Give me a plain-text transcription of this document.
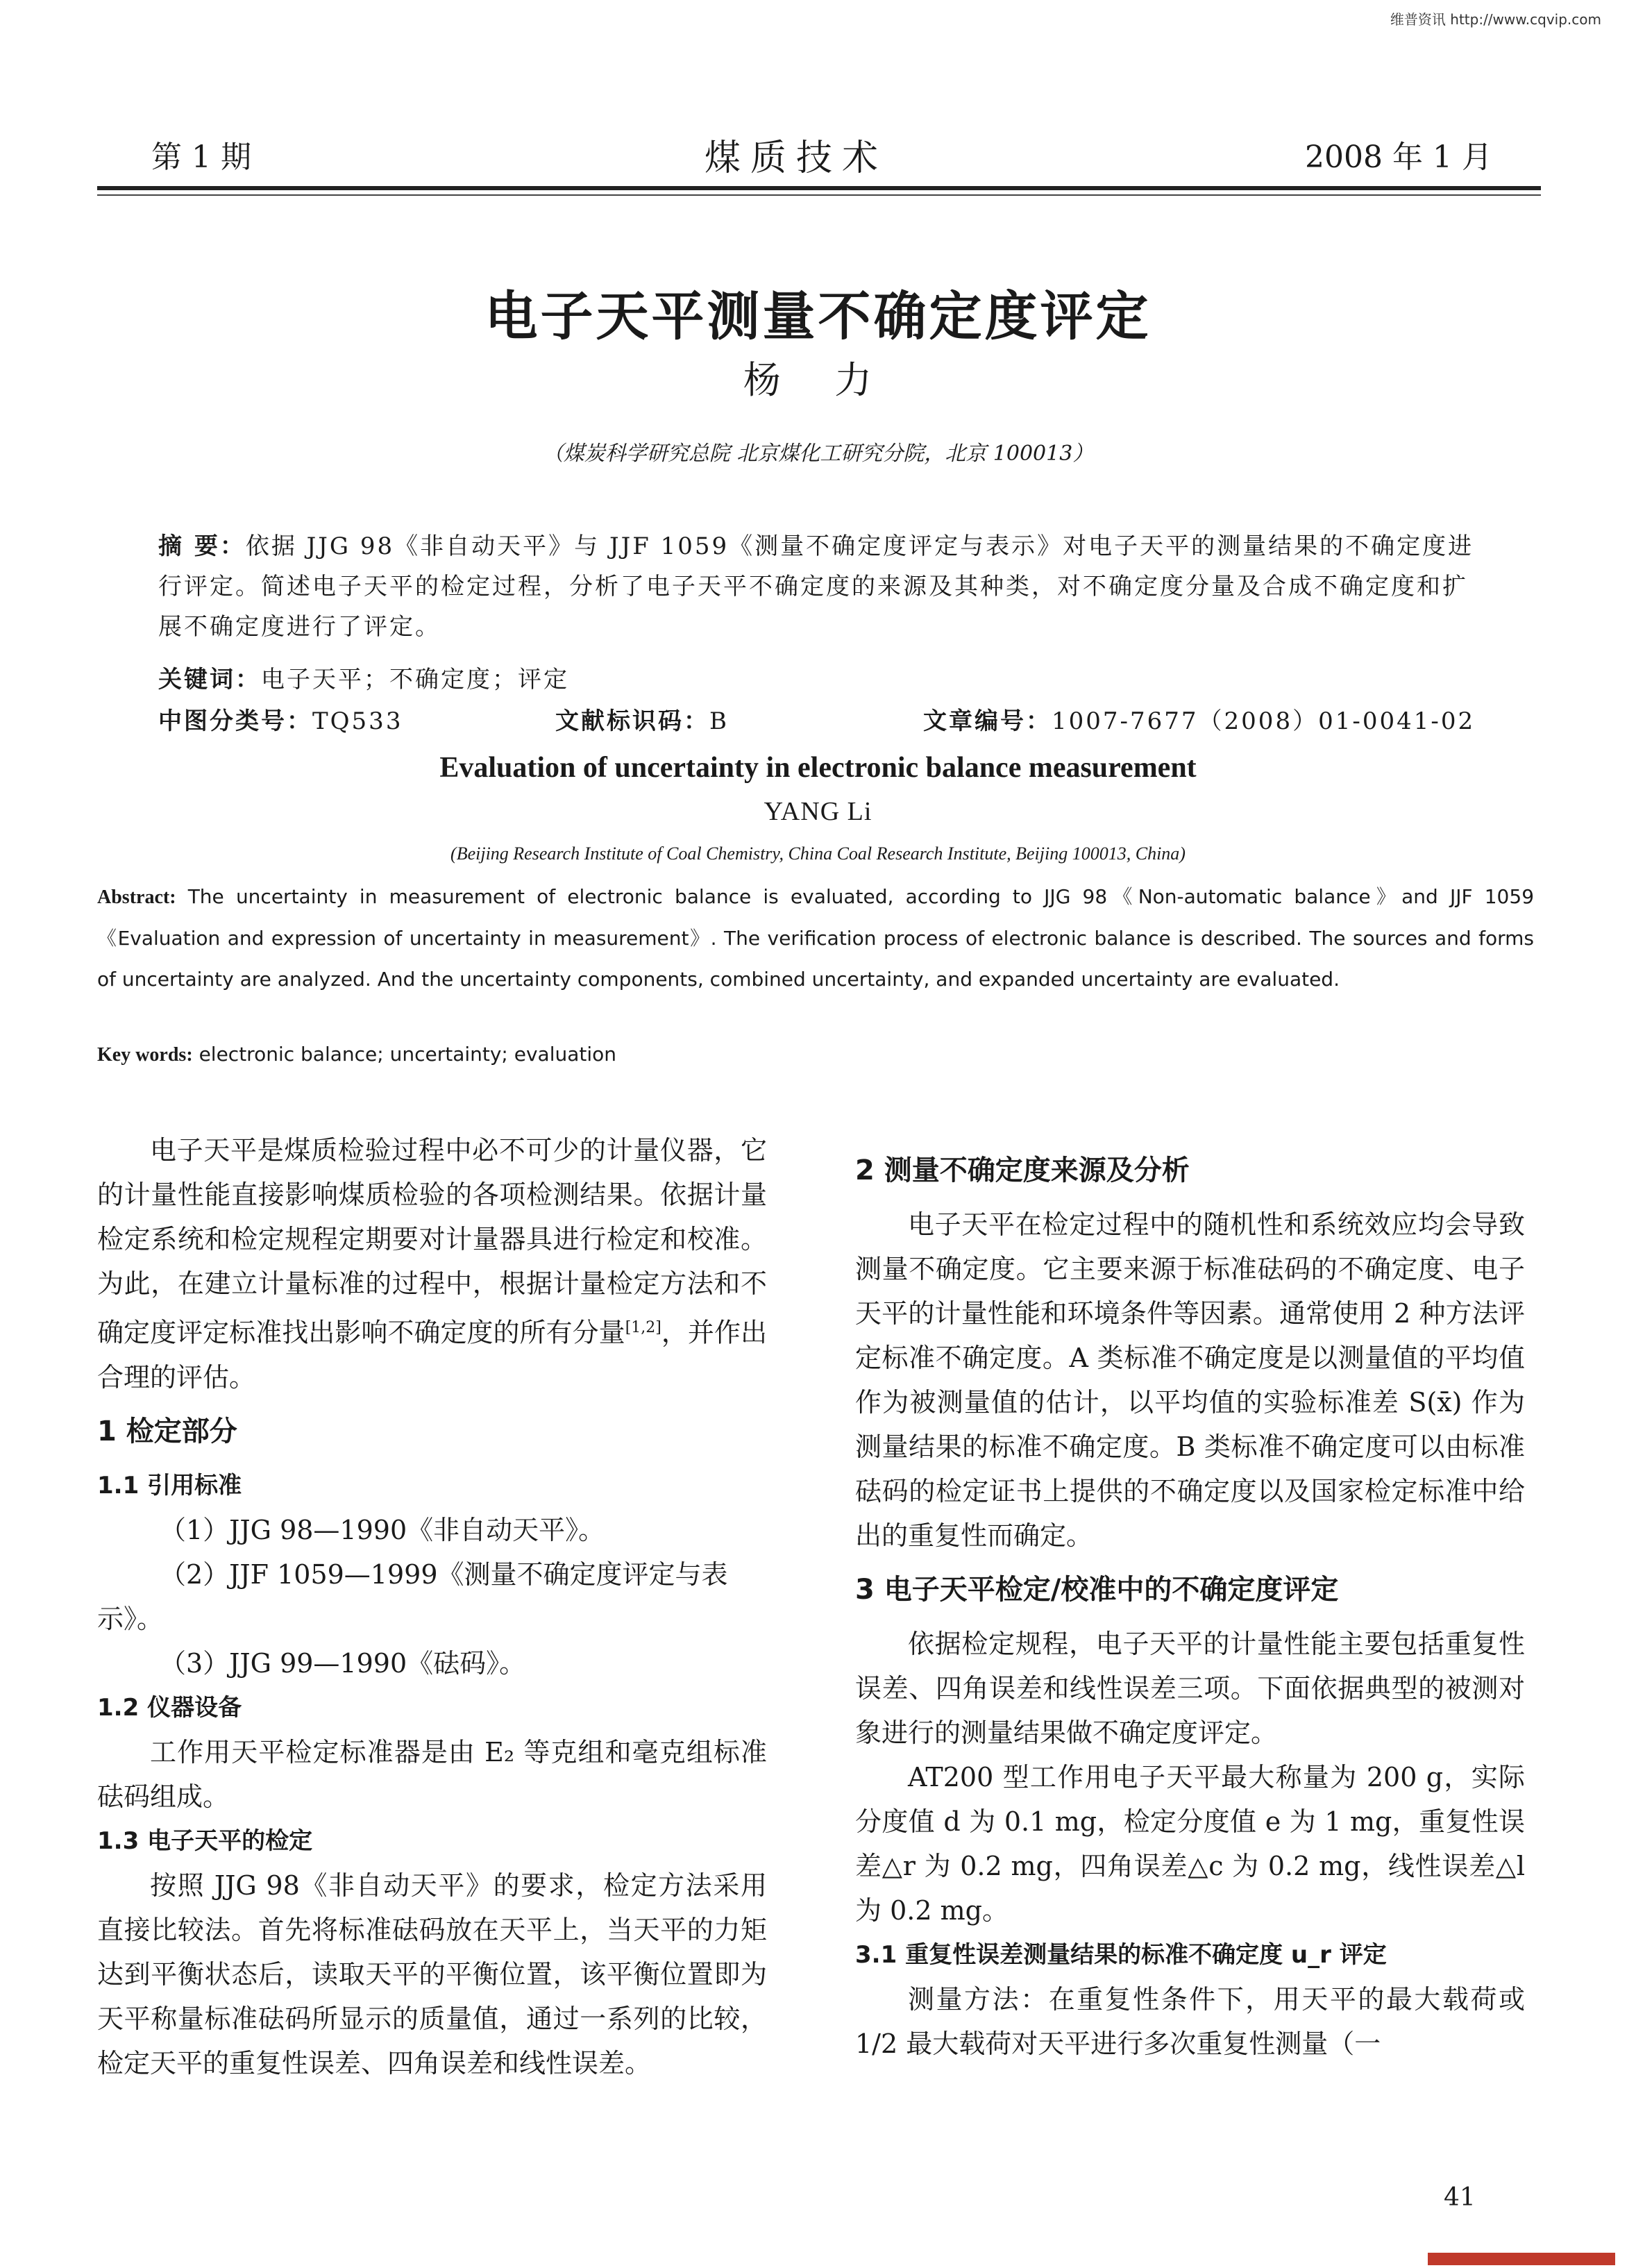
维普资讯 http://www.cqvip.com
第 1 期	煤质技术	2008 年 1 月
电子天平测量不确定度评定
杨 力
（煤炭科学研究总院 北京煤化工研究分院，北京 100013）
摘 要：依据 JJG 98《非自动天平》与 JJF 1059《测量不确定度评定与表示》对电子天平的测量结果的不确定度进行评定。简述电子天平的检定过程，分析了电子天平不确定度的来源及其种类，对不确定度分量及合成不确定度和扩展不确定度进行了评定。
关键词：电子天平；不确定度；评定
中图分类号：TQ533	文献标识码：B	文章编号：1007-7677（2008）01-0041-02
Evaluation of uncertainty in electronic balance measurement
YANG Li
(Beijing Research Institute of Coal Chemistry, China Coal Research Institute, Beijing 100013, China)
Abstract: The uncertainty in measurement of electronic balance is evaluated, according to JJG 98《Non-automatic balance》and JJF 1059《Evaluation and expression of uncertainty in measurement》. The verification process of electronic balance is described. The sources and forms of uncertainty are analyzed. And the uncertainty components, combined uncertainty, and expanded uncertainty are evaluated.
Key words: electronic balance; uncertainty; evaluation

电子天平是煤质检验过程中必不可少的计量仪器，它的计量性能直接影响煤质检验的各项检测结果。依据计量检定系统和检定规程定期要对计量器具进行检定和校准。为此，在建立计量标准的过程中，根据计量检定方法和不确定度评定标准找出影响不确定度的所有分量[1,2]，并作出合理的评估。

1 检定部分
1.1 引用标准

（1）JJG 98—1990《非自动天平》。

（2）JJF 1059—1999《测量不确定度评定与表

示》。

（3）JJG 99—1990《砝码》。

1.2 仪器设备

工作用天平检定标准器是由 E₂ 等克组和毫克组标准砝码组成。

1.3 电子天平的检定

按照 JJG 98《非自动天平》的要求，检定方法采用直接比较法。首先将标准砝码放在天平上，当天平的力矩达到平衡状态后，读取天平的平衡位置，该平衡位置即为天平称量标准砝码所显示的质量值，通过一系列的比较，检定天平的重复性误差、四角误差和线性误差。

2 测量不确定度来源及分析

电子天平在检定过程中的随机性和系统效应均会导致测量不确定度。它主要来源于标准砝码的不确定度、电子天平的计量性能和环境条件等因素。通常使用 2 种方法评定标准不确定度。A 类标准不确定度是以测量值的平均值作为被测量值的估计，以平均值的实验标准差 S(x̄) 作为测量结果的标准不确定度。B 类标准不确定度可以由标准砝码的检定证书上提供的不确定度以及国家检定标准中给出的重复性而确定。

3 电子天平检定/校准中的不确定度评定

依据检定规程，电子天平的计量性能主要包括重复性误差、四角误差和线性误差三项。下面依据典型的被测对象进行的测量结果做不确定度评定。

AT200 型工作用电子天平最大称量为 200 g，实际分度值 d 为 0.1 mg，检定分度值 e 为 1 mg，重复性误差△r 为 0.2 mg，四角误差△c 为 0.2 mg，线性误差△l 为 0.2 mg。

3.1 重复性误差测量结果的标准不确定度 u_r 评定

测量方法：在重复性条件下，用天平的最大载荷或 1/2 最大载荷对天平进行多次重复性测量（一

41
